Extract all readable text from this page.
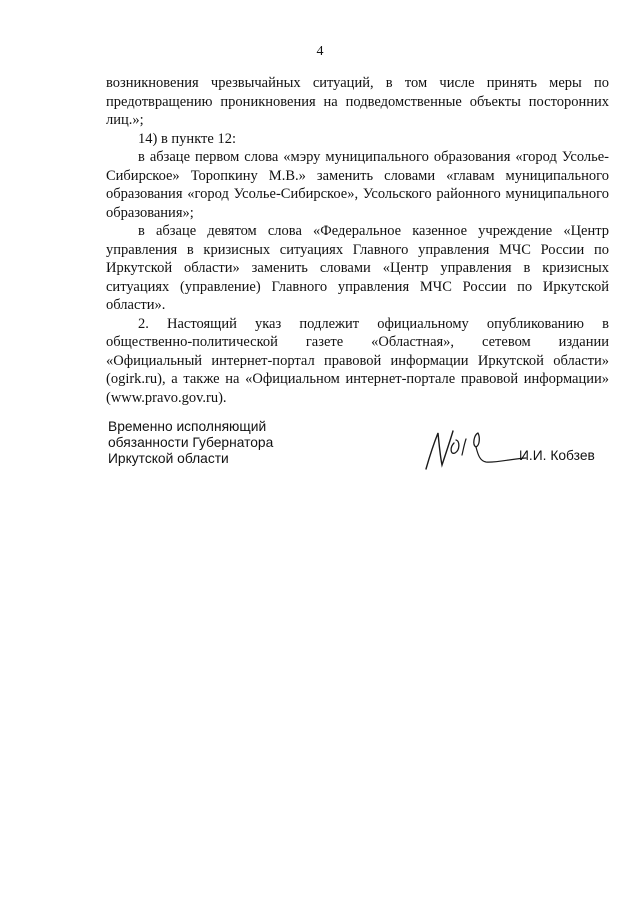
4

возникновения чрезвычайных ситуаций, в том числе принять меры по предотвращению проникновения на подведомственные объекты посторонних лиц.»;

14) в пункте 12:

в абзаце первом слова «мэру муниципального образования «город Усолье-Сибирское» Торопкину М.В.» заменить словами «главам муниципального образования «город Усолье-Сибирское», Усольского районного муниципального образования»;

в абзаце девятом слова «Федеральное казенное учреждение «Центр управления в кризисных ситуациях Главного управления МЧС России по Иркутской области» заменить словами «Центр управления в кризисных ситуациях (управление) Главного управления МЧС России по Иркутской области».

2. Настоящий указ подлежит официальному опубликованию в общественно-политической газете «Областная», сетевом издании «Официальный интернет-портал правовой информации Иркутской области» (ogirk.ru), а также на «Официальном интернет-портале правовой информации» (www.pravo.gov.ru).

Временно исполняющий
обязанности Губернатора
Иркутской области	И.И. Кобзев
